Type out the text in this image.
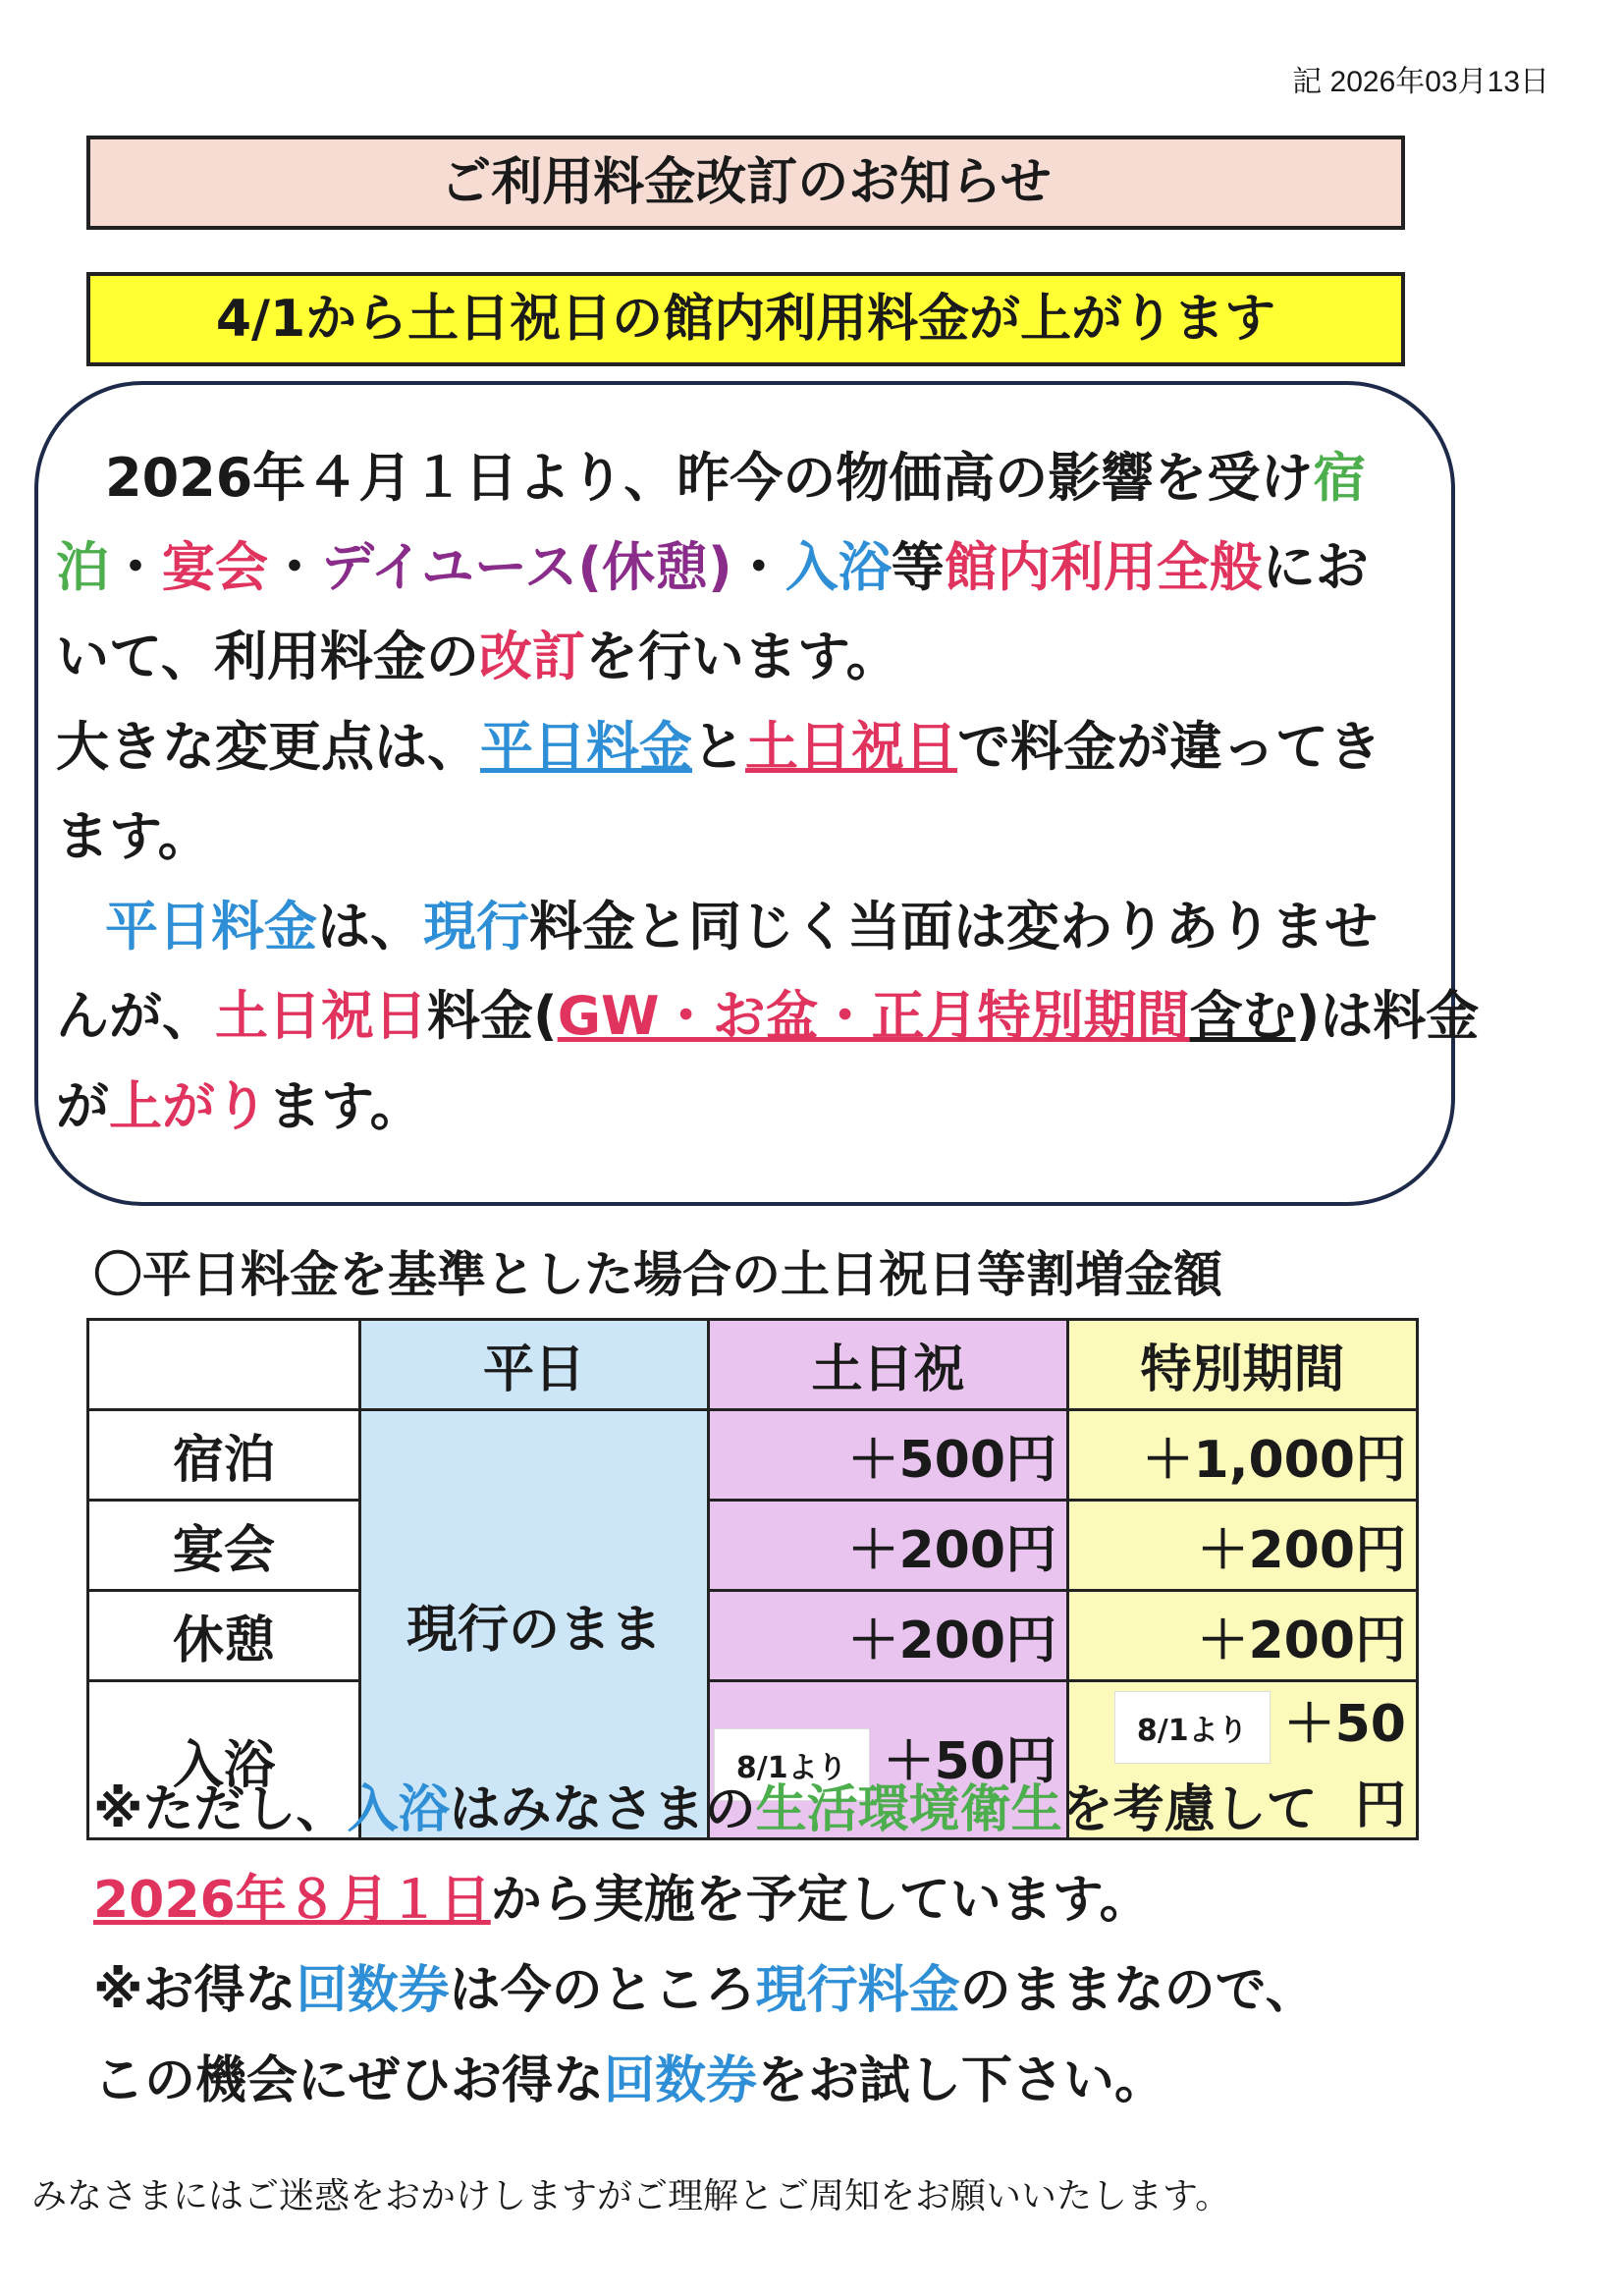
記 2026年03月13日
ご利用料金改訂のお知らせ
4/1から土日祝日の館内利用料金が上がります
2026年４月１日より、昨今の物価高の影響を受け宿
泊・宴会・デイユース(休憩)・入浴等館内利用全般にお
いて、利用料金の改訂を行います。
大きな変更点は、平日料金と土日祝日で料金が違ってき
ます。
平日料金は、現行料金と同じく当面は変わりありませ
んが、土日祝日料金(GW・お盆・正月特別期間含む)は料金
が上がります。
〇平日料金を基準とした場合の土日祝日等割増金額
	平日	土日祝	特別期間
宿泊	現行のまま	＋500円	＋1,000円
宴会		＋200円	＋200円
休憩		＋200円	＋200円
入浴		8/1より ＋50円	8/1より ＋50円
※ただし、入浴はみなさまの生活環境衛生を考慮して
2026年８月１日から実施を予定しています。
※お得な回数券は今のところ現行料金のままなので、
この機会にぜひお得な回数券をお試し下さい。
みなさまにはご迷惑をおかけしますがご理解とご周知をお願いいたします。
